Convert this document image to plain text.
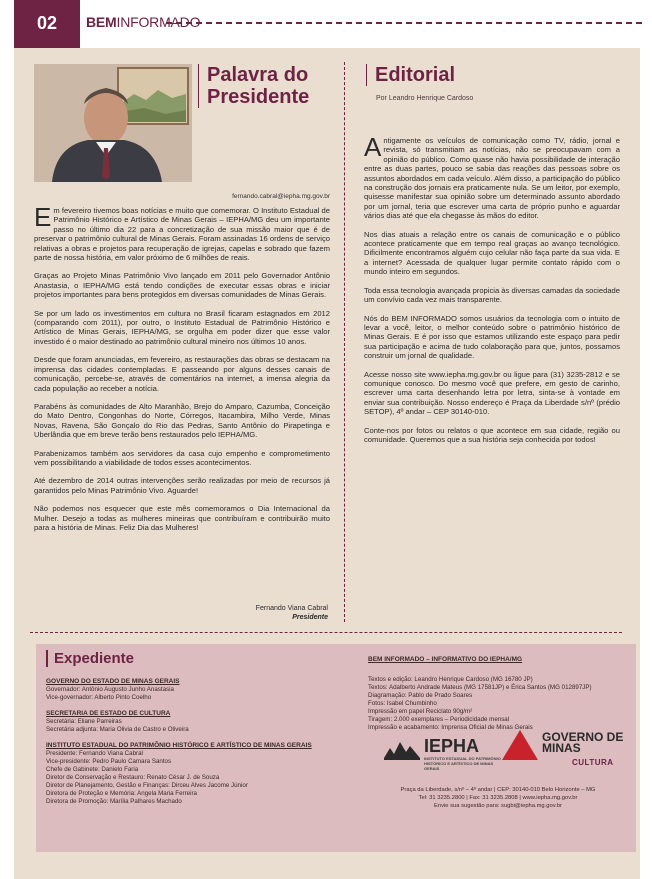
02	BEMINFORMADO
Palavra do Presidente
fernando.cabral@iepha.mg.gov.br

Em fevereiro tivemos boas notícias e muito que comemorar. O Instituto Estadual de Patrimônio Histórico e Artístico de Minas Gerais – IEPHA/MG deu um importante passo no último dia 22 para a concretização de sua missão maior que é de preservar o patrimônio cultural de Minas Gerais. Foram assinadas 16 ordens de serviço relativas a obras e projetos para recuperação de igrejas, capelas e sobrado que fazem parte de nossa história, em valor próximo de 6 milhões de reais.

Graças ao Projeto Minas Patrimônio Vivo lançado em 2011 pelo Governador Antônio Anastasia, o IEPHA/MG está tendo condições de executar essas obras e iniciar projetos importantes para bens protegidos em diversas comunidades de Minas Gerais.

Se por um lado os investimentos em cultura no Brasil ficaram estagnados em 2012 (comparando com 2011), por outro, o Instituto Estadual de Patrimônio Histórico e Artístico de Minas Gerais, IEPHA/MG, se orgulha em poder dizer que esse valor investido é o maior destinado ao patrimônio cultural mineiro nos últimos 10 anos.

Desde que foram anunciadas, em fevereiro, as restaurações das obras se destacam na imprensa das cidades contempladas. E passeando por alguns desses canais de comunicação, percebe-se, através de comentários na internet, a imensa alegria da cada população ao receber a notícia.

Parabéns às comunidades de Alto Maranhão, Brejo do Amparo, Cazumba, Conceição do Mato Dentro, Congonhas do Norte, Córregos, Itacambira, Milho Verde, Minas Novas, Ravena, São Gonçalo do Rio das Pedras, Santo Antônio do Pirapetinga e Uberlândia que em breve terão bens restaurados pelo IEPHA/MG.

Parabenizamos também aos servidores da casa cujo empenho e comprometimento vem possibilitando a viabilidade de todos esses acontecimentos.

Até dezembro de 2014 outras intervenções serão realizadas por meio de recursos já garantidos pelo Minas Patrimônio Vivo. Aguarde!

Não podemos nos esquecer que este mês comemoramos o Dia Internacional da Mulher. Desejo a todas as mulheres mineiras que contribuíram e contribuirão muito para a história de Minas. Feliz Dia das Mulheres!

Fernando Viana Cabral
Presidente
Editorial
Por Leandro Henrique Cardoso

Antigamente os veículos de comunicação como TV, rádio, jornal e revista, só transmitiam as notícias, não se preocupavam com a opinião do público. Como quase não havia possibilidade de interação entre as duas partes, pouco se sabia das reações das pessoas sobre os assuntos abordados em cada veículo. Além disso, a participação do público na construção dos jornais era praticamente nula. Se um leitor, por exemplo, quisesse manifestar sua opinião sobre um determinado assunto abordado por um jornal, teria que escrever uma carta de próprio punho e aguardar vários dias até que ela chegasse às mãos do editor.

Nos dias atuais a relação entre os canais de comunicação e o público acontece praticamente que em tempo real graças ao avanço tecnológico. Dificilmente encontramos alguém cujo celular não faça parte da sua vida. E a internet? Acessada de qualquer lugar permite contato rápido com o mundo inteiro em segundos.

Toda essa tecnologia avançada propicia às diversas camadas da sociedade um convívio cada vez mais transparente.

Nós do BEM INFORMADO somos usuários da tecnologia com o intuito de levar a você, leitor, o melhor conteúdo sobre o patrimônio histórico de Minas Gerais. E é por isso que estamos utilizando este espaço para pedir sua participação e acima de tudo colaboração para que, juntos, possamos construir um jornal de qualidade.

Acesse nosso site www.iepha.mg.gov.br ou ligue para (31) 3235-2812 e se comunique conosco. Do mesmo você que prefere, em gesto de carinho, escrever uma carta desenhando letra por letra, sinta-se à vontade em enviar sua contribuição. Nosso endereço é Praça da Liberdade s/nº (prédio SETOP), 4º andar – CEP 30140-010.

Conte-nos por fotos ou relatos o que acontece em sua cidade, região ou comunidade. Queremos que a sua história seja conhecida por todos!

Expediente

GOVERNO DO ESTADO DE MINAS GERAIS

Governador: Antônio Augusto Junho Anastasia

Vice-governador: Alberto Pinto Coelho

SECRETARIA DE ESTADO DE CULTURA

Secretária: Eliane Parreiras

Secretária adjunta: Maria Olivia de Castro e Oliveira

INSTITUTO ESTADUAL DO PATRIMÔNIO HISTÓRICO E ARTÍSTICO DE MINAS GERAIS

Presidente: Fernando Viana Cabral

Vice-presidente: Pedro Paulo Camara Santos

Chefe de Gabinete: Danielo Faria

Diretor de Conservação e Restauro: Renato César J. de Souza

Diretor de Planejamento, Gestão e Finanças: Dirceu Alves Jacome Júnior

Diretora de Proteção e Memória: Angela Maria Ferreira

Diretora de Promoção: Marília Palhares Machado

BEM INFORMADO – INFORMATIVO DO IEPHA/MG

Textos e edição: Leandro Henrique Cardoso (MG 16780 JP)

Textos: Adalberto Andrade Mateus (MG 17581JP) e Érica Santos (MG 012897JP)

Diagramação: Pablo de Prado Soares

Fotos: Isabel Chumbinho

Impressão em papel Reciclato 90g/m²

Tiragem: 2.000 exemplares – Periodicidade mensal

Impressão e acabamento: Imprensa Oficial de Minas Gerais

IEPHA
INSTITUTO ESTADUAL DO PATRIMÔNIO HISTÓRICO E ARTÍSTICO DE MINAS GERAIS
GOVERNO DE MINAS
CULTURA

Praça da Liberdade, s/nº – 4º andar | CEP: 30140-010 Belo Horizonte – MG

Tel: 31 3235.2800 | Fax: 31 3235.2808 | www.iepha.mg.gov.br

Envie sua sugestão para: sugbi@iepha.mg.gov.br
